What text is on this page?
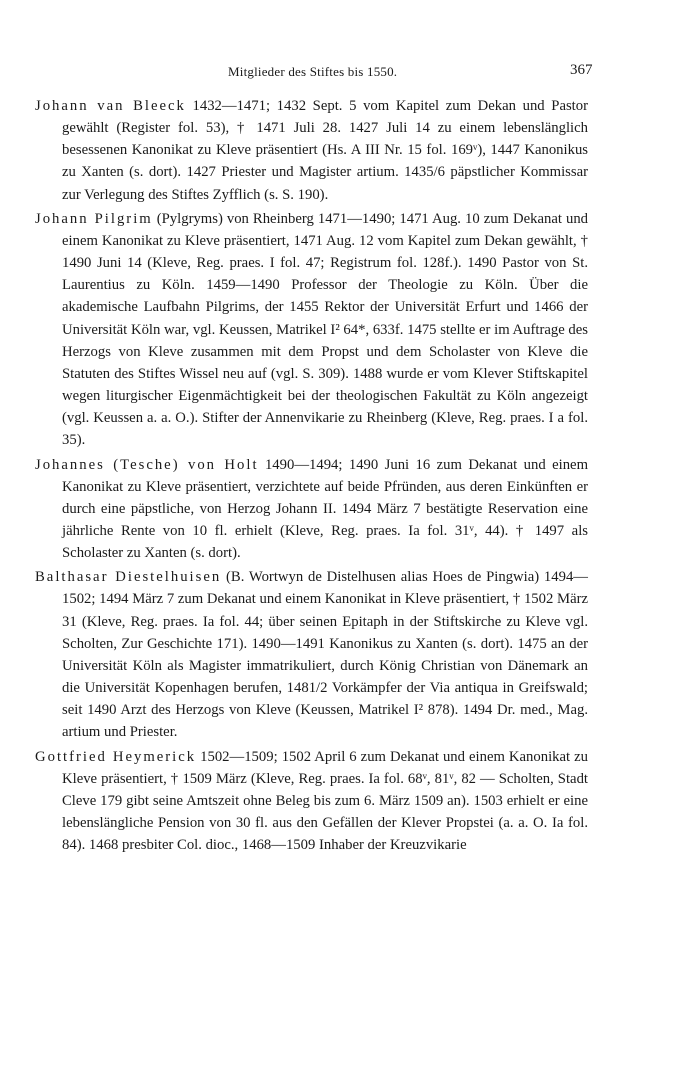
Mitglieder des Stiftes bis 1550.	367

Johann van Bleeck 1432—1471; 1432 Sept. 5 vom Kapitel zum Dekan und Pastor gewählt (Register fol. 53), † 1471 Juli 28. 1427 Juli 14 zu einem lebenslänglich besessenen Kanonikat zu Kleve präsentiert (Hs. A III Nr. 15 fol. 169ᵛ), 1447 Kanonikus zu Xanten (s. dort). 1427 Priester und Magister artium. 1435/6 päpstlicher Kommissar zur Verlegung des Stiftes Zyfflich (s. S. 190).

Johann Pilgrim (Pylgryms) von Rheinberg 1471—1490; 1471 Aug. 10 zum Dekanat und einem Kanonikat zu Kleve präsentiert, 1471 Aug. 12 vom Kapitel zum Dekan gewählt, † 1490 Juni 14 (Kleve, Reg. praes. I fol. 47; Registrum fol. 128f.). 1490 Pastor von St. Laurentius zu Köln. 1459—1490 Professor der Theologie zu Köln. Über die akademische Laufbahn Pilgrims, der 1455 Rektor der Universität Erfurt und 1466 der Universität Köln war, vgl. Keussen, Matrikel I² 64*, 633f. 1475 stellte er im Auftrage des Herzogs von Kleve zusammen mit dem Propst und dem Scholaster von Kleve die Statuten des Stiftes Wissel neu auf (vgl. S. 309). 1488 wurde er vom Klever Stiftskapitel wegen liturgischer Eigenmächtigkeit bei der theologischen Fakultät zu Köln angezeigt (vgl. Keussen a. a. O.). Stifter der Annenvikarie zu Rheinberg (Kleve, Reg. praes. I a fol. 35).

Johannes (Tesche) von Holt 1490—1494; 1490 Juni 16 zum Dekanat und einem Kanonikat zu Kleve präsentiert, verzichtete auf beide Pfründen, aus deren Einkünften er durch eine päpstliche, von Herzog Johann II. 1494 März 7 bestätigte Reservation eine jährliche Rente von 10 fl. erhielt (Kleve, Reg. praes. Ia fol. 31ᵛ, 44). † 1497 als Scholaster zu Xanten (s. dort).

Balthasar Diestelhuisen (B. Wortwyn de Distelhusen alias Hoes de Pingwia) 1494—1502; 1494 März 7 zum Dekanat und einem Kanonikat in Kleve präsentiert, † 1502 März 31 (Kleve, Reg. praes. Ia fol. 44; über seinen Epitaph in der Stiftskirche zu Kleve vgl. Scholten, Zur Geschichte 171). 1490—1491 Kanonikus zu Xanten (s. dort). 1475 an der Universität Köln als Magister immatrikuliert, durch König Christian von Dänemark an die Universität Kopenhagen berufen, 1481/2 Vorkämpfer der Via antiqua in Greifswald; seit 1490 Arzt des Herzogs von Kleve (Keussen, Matrikel I² 878). 1494 Dr. med., Mag. artium und Priester.

Gottfried Heymerick 1502—1509; 1502 April 6 zum Dekanat und einem Kanonikat zu Kleve präsentiert, † 1509 März (Kleve, Reg. praes. Ia fol. 68ᵛ, 81ᵛ, 82 — Scholten, Stadt Cleve 179 gibt seine Amtszeit ohne Beleg bis zum 6. März 1509 an). 1503 erhielt er eine lebenslängliche Pension von 30 fl. aus den Gefällen der Klever Propstei (a. a. O. Ia fol. 84). 1468 presbiter Col. dioc., 1468—1509 Inhaber der Kreuzvikarie
